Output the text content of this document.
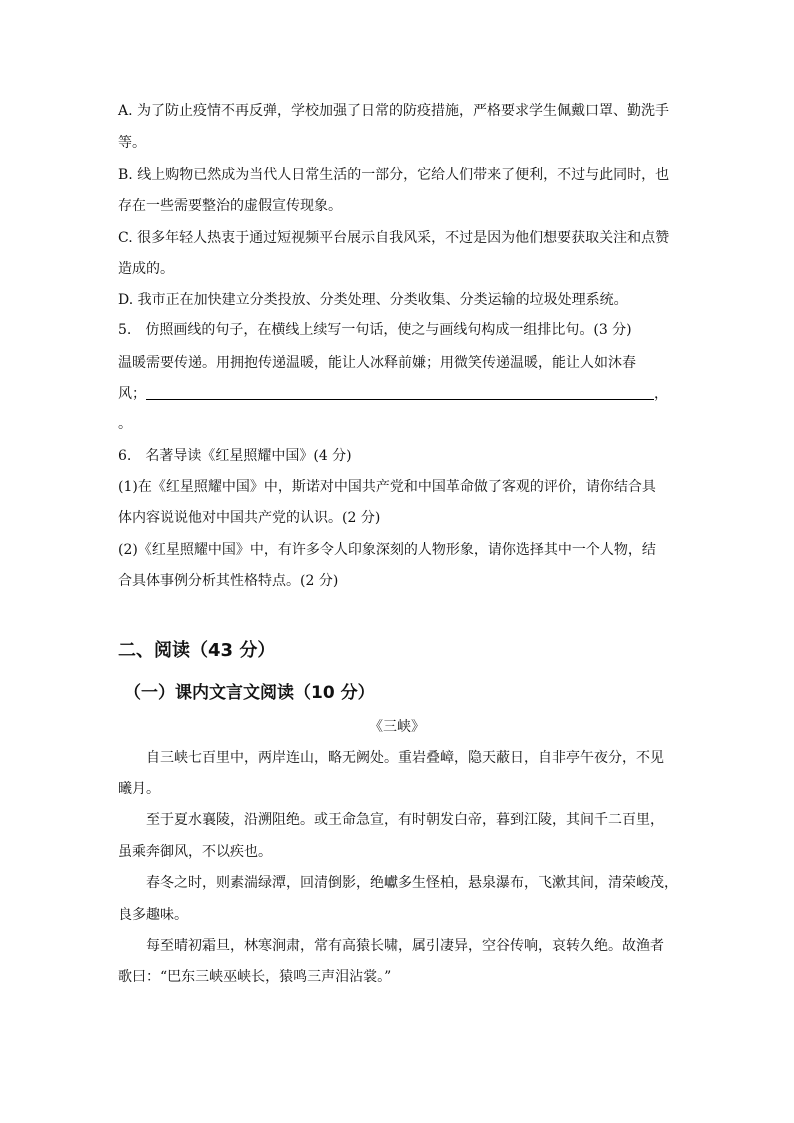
A. 为了防止疫情不再反弹，学校加强了日常的防疫措施，严格要求学生佩戴口罩、勤洗手
等。
B. 线上购物已然成为当代人日常生活的一部分，它给人们带来了便利，不过与此同时，也
存在一些需要整治的虚假宣传现象。
C. 很多年轻人热衷于通过短视频平台展示自我风采，不过是因为他们想要获取关注和点赞
造成的。
D. 我市正在加快建立分类投放、分类处理、分类收集、分类运输的垃圾处理系统。
5.　仿照画线的句子，在横线上续写一句话，使之与画线句构成一组排比句。(3 分)
温暖需要传递。用拥抱传递温暖，能让人冰释前嫌；用微笑传递温暖，能让人如沐春
风；	，
。
6.　名著导读《红星照耀中国》(4 分)
(1)在《红星照耀中国》中，斯诺对中国共产党和中国革命做了客观的评价，请你结合具
体内容说说他对中国共产党的认识。(2 分)
(2)《红星照耀中国》中，有许多令人印象深刻的人物形象，请你选择其中一个人物，结
合具体事例分析其性格特点。(2 分)
二、阅读（43 分）
（一）课内文言文阅读（10 分）
《三峡》
自三峡七百里中，两岸连山，略无阙处。重岩叠嶂，隐天蔽日，自非亭午夜分，不见
曦月。
至于夏水襄陵，沿溯阻绝。或王命急宣，有时朝发白帝，暮到江陵，其间千二百里，
虽乘奔御风，不以疾也。
春冬之时，则素湍绿潭，回清倒影，绝巘多生怪柏，悬泉瀑布，飞漱其间，清荣峻茂，
良多趣味。
每至晴初霜旦，林寒涧肃，常有高猿长啸，属引凄异，空谷传响，哀转久绝。故渔者
歌曰：“巴东三峡巫峡长，猿鸣三声泪沾裳。”
